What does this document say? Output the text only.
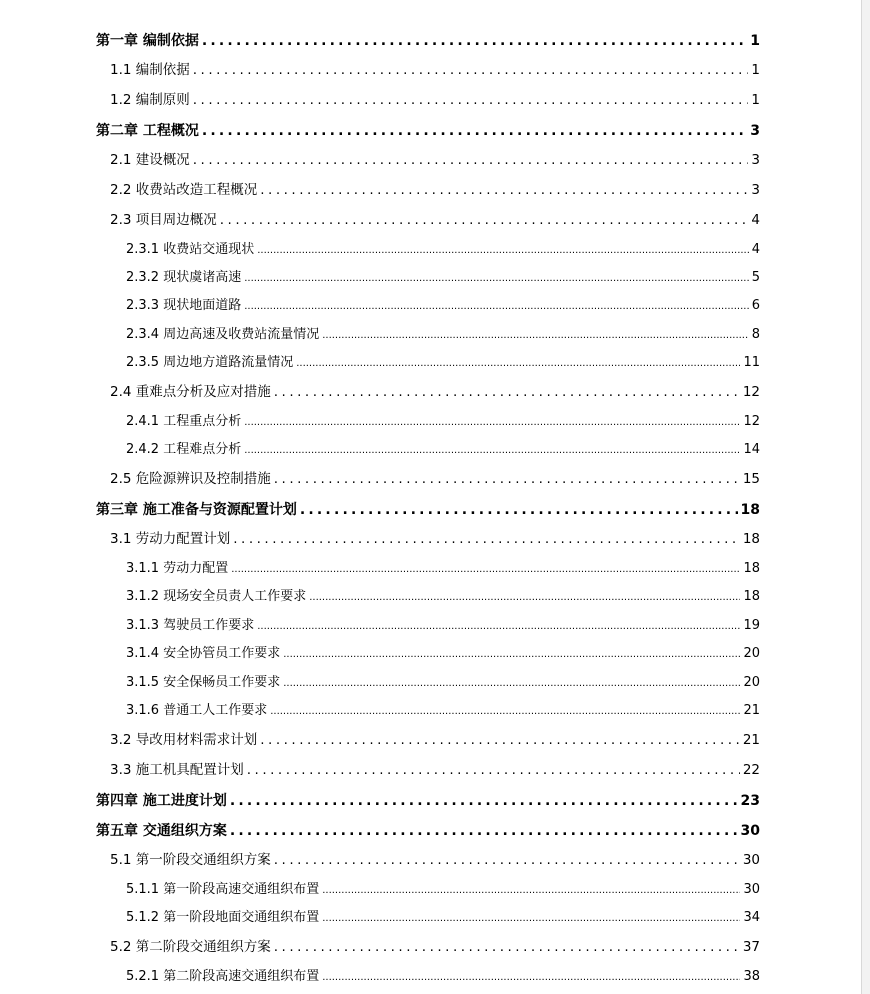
第一章 编制依据 .....	1
1.1 编制依据 .....	1
1.2 编制原则 .....	1
第二章 工程概况 .....	3
2.1 建设概况 .....	3
2.2 收费站改造工程概况 .....	3
2.3 项目周边概况 .....	4
2.3.1 收费站交通现状 .....	4
2.3.2 现状虞诸高速 .....	5
2.3.3 现状地面道路 .....	6
2.3.4 周边高速及收费站流量情况 .....	8
2.3.5 周边地方道路流量情况 .....	11
2.4 重难点分析及应对措施 .....	12
2.4.1 工程重点分析 .....	12
2.4.2 工程难点分析 .....	14
2.5 危险源辨识及控制措施 .....	15
第三章 施工准备与资源配置计划 .....	18
3.1 劳动力配置计划 .....	18
3.1.1 劳动力配置 .....	18
3.1.2 现场安全员责人工作要求 .....	18
3.1.3 驾驶员工作要求 .....	19
3.1.4 安全协管员工作要求 .....	20
3.1.5 安全保畅员工作要求 .....	20
3.1.6 普通工人工作要求 .....	21
3.2 导改用材料需求计划 .....	21
3.3 施工机具配置计划 .....	22
第四章 施工进度计划 .....	23
第五章 交通组织方案 .....	30
5.1 第一阶段交通组织方案 .....	30
5.1.1 第一阶段高速交通组织布置 .....	30
5.1.2 第一阶段地面交通组织布置 .....	34
5.2 第二阶段交通组织方案 .....	37
5.2.1 第二阶段高速交通组织布置 .....	38
